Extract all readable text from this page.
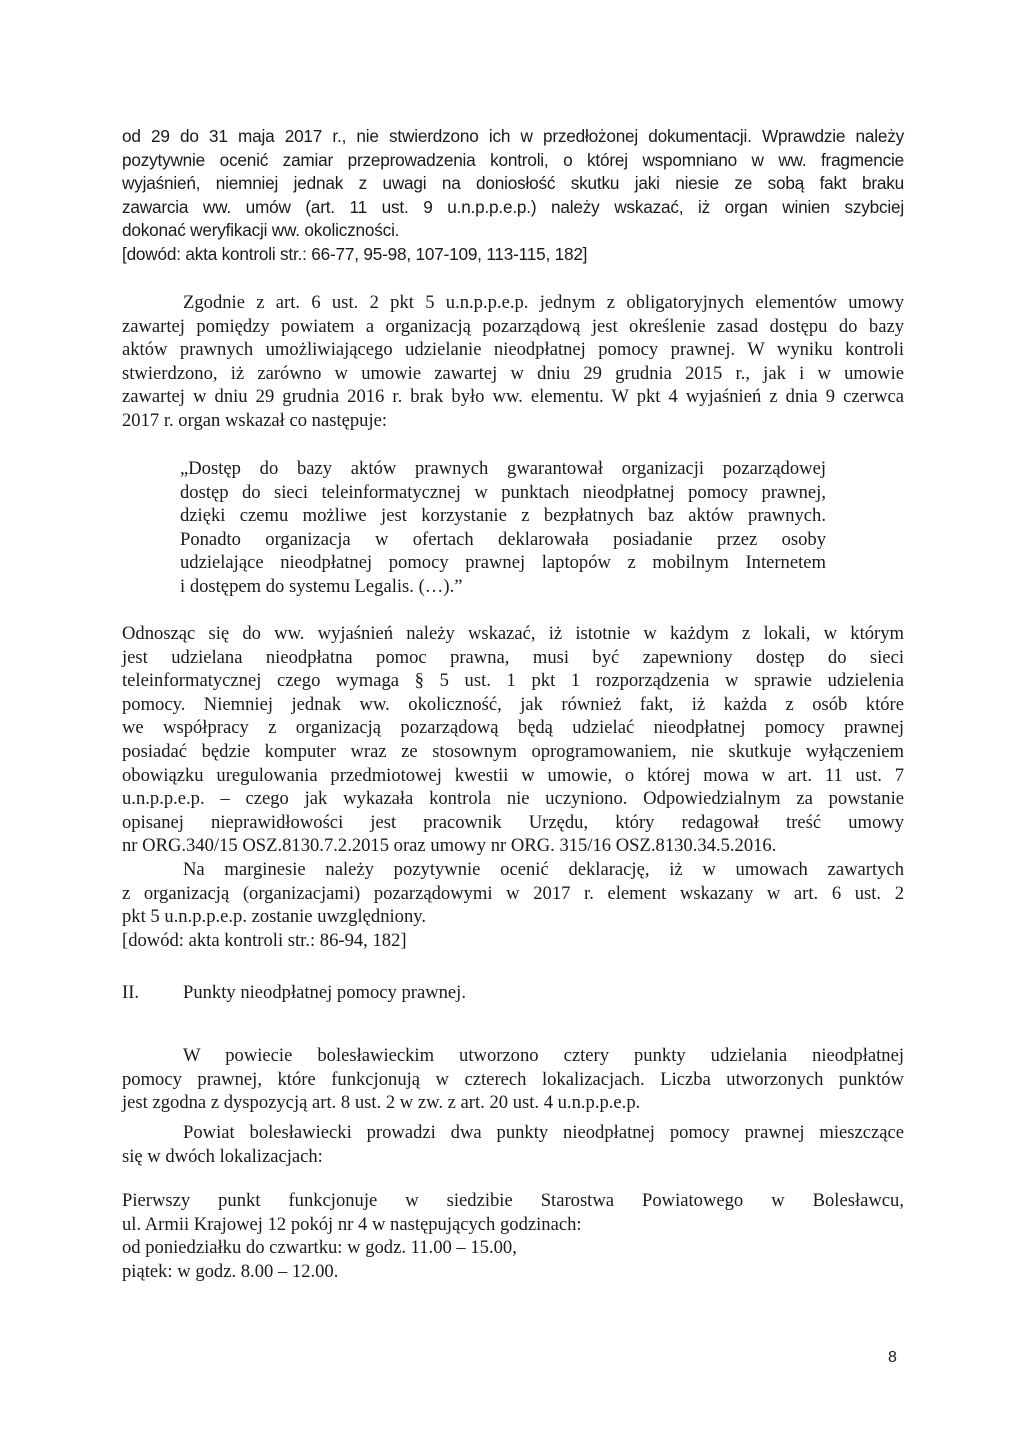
od 29 do 31 maja 2017 r., nie stwierdzono ich w przedłożonej dokumentacji. Wprawdzie należy
pozytywnie ocenić zamiar przeprowadzenia kontroli, o której wspomniano w ww. fragmencie
wyjaśnień, niemniej jednak z uwagi na doniosłość skutku jaki niesie ze sobą fakt braku
zawarcia ww. umów (art. 11 ust. 9 u.n.p.p.e.p.) należy wskazać, iż organ winien szybciej
dokonać weryfikacji ww. okoliczności.
[dowód: akta kontroli str.: 66-77, 95-98, 107-109, 113-115, 182]
Zgodnie z art. 6 ust. 2 pkt 5 u.n.p.p.e.p. jednym z obligatoryjnych elementów umowy
zawartej pomiędzy powiatem a organizacją pozarządową jest określenie zasad dostępu do bazy
aktów prawnych umożliwiającego udzielanie nieodpłatnej pomocy prawnej. W wyniku kontroli
stwierdzono, iż zarówno w umowie zawartej w dniu 29 grudnia 2015 r., jak i w umowie
zawartej w dniu 29 grudnia 2016 r. brak było ww. elementu. W pkt 4 wyjaśnień z dnia 9 czerwca
2017 r. organ wskazał co następuje:
„Dostęp do bazy aktów prawnych gwarantował organizacji pozarządowej
dostęp do sieci teleinformatycznej w punktach nieodpłatnej pomocy prawnej,
dzięki czemu możliwe jest korzystanie z bezpłatnych baz aktów prawnych.
Ponadto organizacja w ofertach deklarowała posiadanie przez osoby
udzielające nieodpłatnej pomocy prawnej laptopów z mobilnym Internetem
i dostępem do systemu Legalis. (…).”
Odnosząc się do ww. wyjaśnień należy wskazać, iż istotnie w każdym z lokali, w którym
jest udzielana nieodpłatna pomoc prawna, musi być zapewniony dostęp do sieci
teleinformatycznej czego wymaga § 5 ust. 1 pkt 1 rozporządzenia w sprawie udzielenia
pomocy. Niemniej jednak ww. okoliczność, jak również fakt, iż każda z osób które
we współpracy z organizacją pozarządową będą udzielać nieodpłatnej pomocy prawnej
posiadać będzie komputer wraz ze stosownym oprogramowaniem, nie skutkuje wyłączeniem
obowiązku uregulowania przedmiotowej kwestii w umowie, o której mowa w art. 11 ust. 7
u.n.p.p.e.p. – czego jak wykazała kontrola nie uczyniono. Odpowiedzialnym za powstanie
opisanej nieprawidłowości jest pracownik Urzędu, który redagował treść umowy
nr ORG.340/15 OSZ.8130.7.2.2015 oraz umowy nr ORG. 315/16 OSZ.8130.34.5.2016.
Na marginesie należy pozytywnie ocenić deklarację, iż w umowach zawartych
z organizacją (organizacjami) pozarządowymi w 2017 r. element wskazany w art. 6 ust. 2
pkt 5 u.n.p.p.e.p. zostanie uwzględniony.
[dowód: akta kontroli str.: 86-94, 182]
II. Punkty nieodpłatnej pomocy prawnej.
W powiecie bolesławieckim utworzono cztery punkty udzielania nieodpłatnej
pomocy prawnej, które funkcjonują w czterech lokalizacjach. Liczba utworzonych punktów
jest zgodna z dyspozycją art. 8 ust. 2 w zw. z art. 20 ust. 4 u.n.p.p.e.p.
Powiat bolesławiecki prowadzi dwa punkty nieodpłatnej pomocy prawnej mieszczące
się w dwóch lokalizacjach:
Pierwszy punkt funkcjonuje w siedzibie Starostwa Powiatowego w Bolesławcu,
ul. Armii Krajowej 12 pokój nr 4 w następujących godzinach:
od poniedziałku do czwartku: w godz. 11.00 – 15.00,
piątek: w godz. 8.00 – 12.00.
8
